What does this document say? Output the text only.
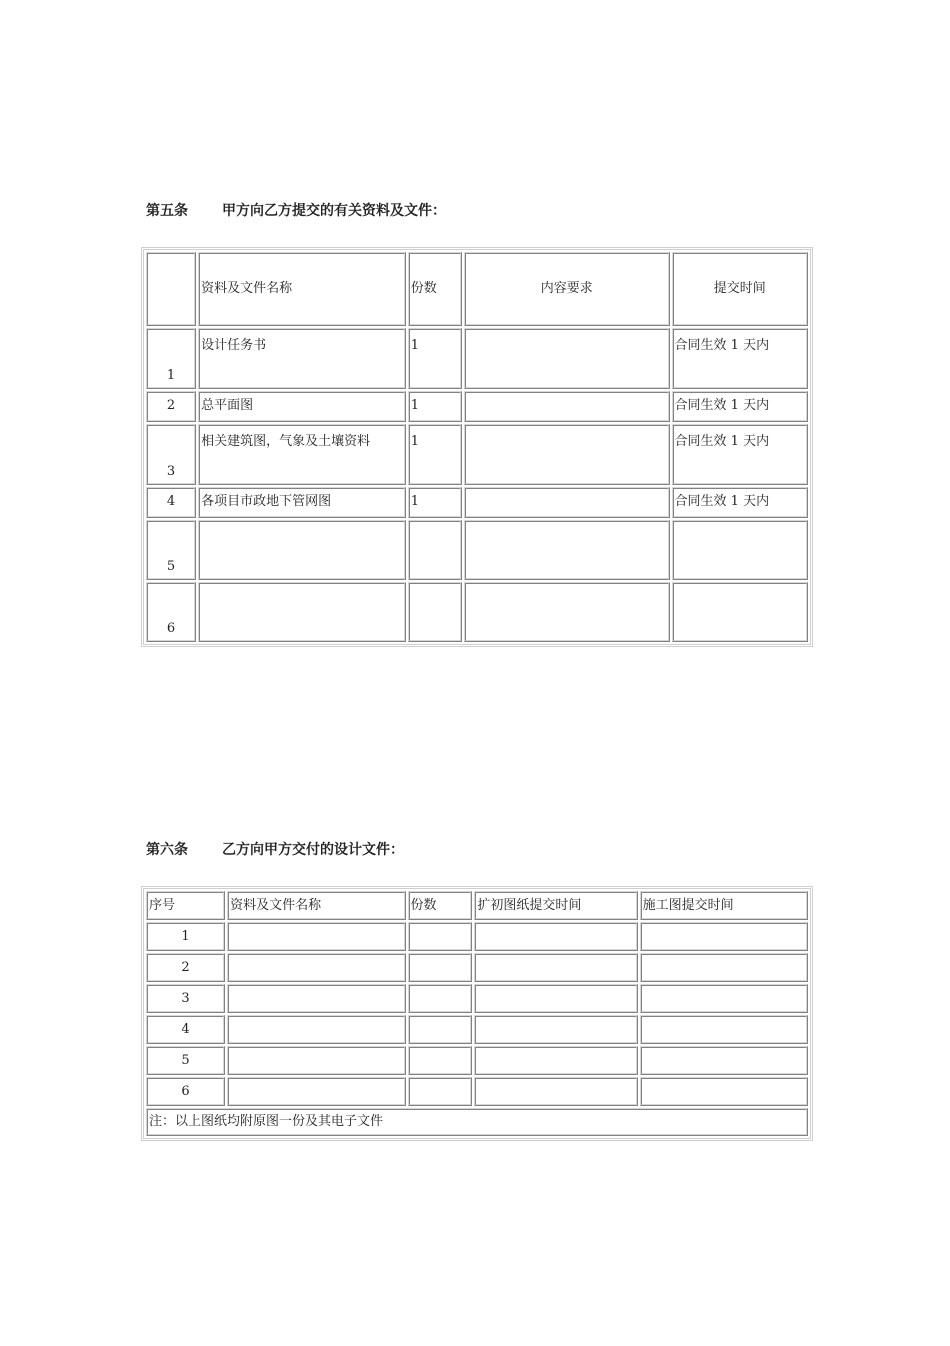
第五条 甲方向乙方提交的有关资料及文件：

	资料及文件名称	份数	内容要求	提交时间
1	设计任务书	1		合同生效 1 天内
2	总平面图	1		合同生效 1 天内
3	相关建筑图，气象及土壤资料	1		合同生效 1 天内
4	各项目市政地下管网图	1		合同生效 1 天内
5				
6				

第六条 乙方向甲方交付的设计文件：

序号	资料及文件名称	份数	扩初图纸提交时间	施工图提交时间
1				
2				
3				
4				
5				
6				
注：以上图纸均附原图一份及其电子文件				
